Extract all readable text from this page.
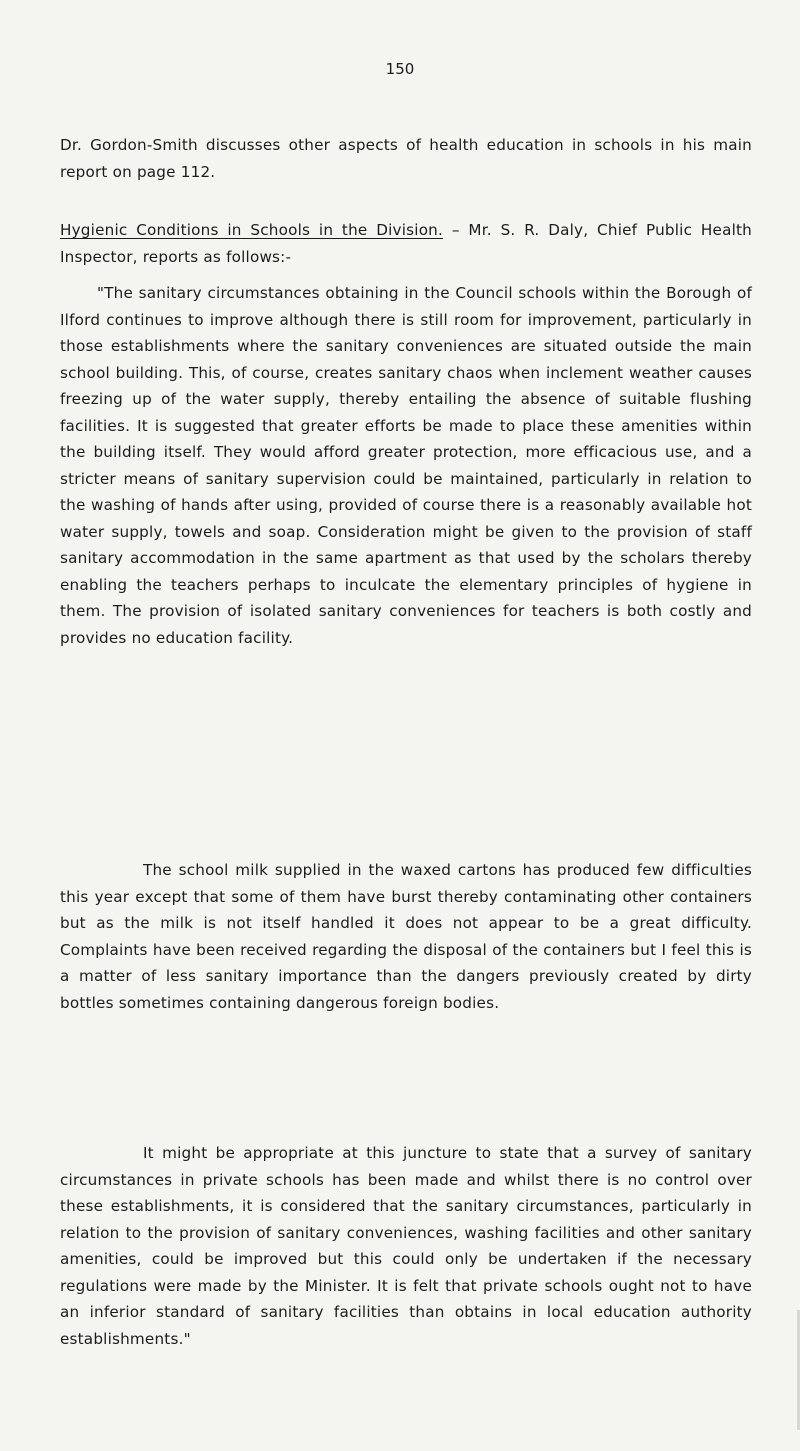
150

Dr. Gordon-Smith discusses other aspects of health education in schools in his main report on page 112.

Hygienic Conditions in Schools in the Division. – Mr. S. R. Daly, Chief Public Health Inspector, reports as follows:-

"The sanitary circumstances obtaining in the Council schools within the Borough of Ilford continues to improve although there is still room for improvement, particularly in those establishments where the sanitary conveniences are situated outside the main school building. This, of course, creates sanitary chaos when inclement weather causes freezing up of the water supply, thereby entailing the absence of suitable flushing facilities. It is suggested that greater efforts be made to place these amenities within the building itself. They would afford greater protection, more efficacious use, and a stricter means of sanitary supervision could be maintained, particularly in relation to the washing of hands after using, provided of course there is a reasonably available hot water supply, towels and soap. Consideration might be given to the provision of staff sanitary accommodation in the same apartment as that used by the scholars thereby enabling the teachers perhaps to inculcate the elementary principles of hygiene in them. The provision of isolated sanitary conveniences for teachers is both costly and provides no education facility.

The school milk supplied in the waxed cartons has produced few difficulties this year except that some of them have burst thereby contaminating other containers but as the milk is not itself handled it does not appear to be a great difficulty. Complaints have been received regarding the disposal of the containers but I feel this is a matter of less sanitary importance than the dangers previously created by dirty bottles sometimes containing dangerous foreign bodies.

It might be appropriate at this juncture to state that a survey of sanitary circumstances in private schools has been made and whilst there is no control over these establishments, it is considered that the sanitary circumstances, particularly in relation to the provision of sanitary conveniences, washing facilities and other sanitary amenities, could be improved but this could only be undertaken if the necessary regulations were made by the Minister. It is felt that private schools ought not to have an inferior standard of sanitary facilities than obtains in local education authority establishments."
